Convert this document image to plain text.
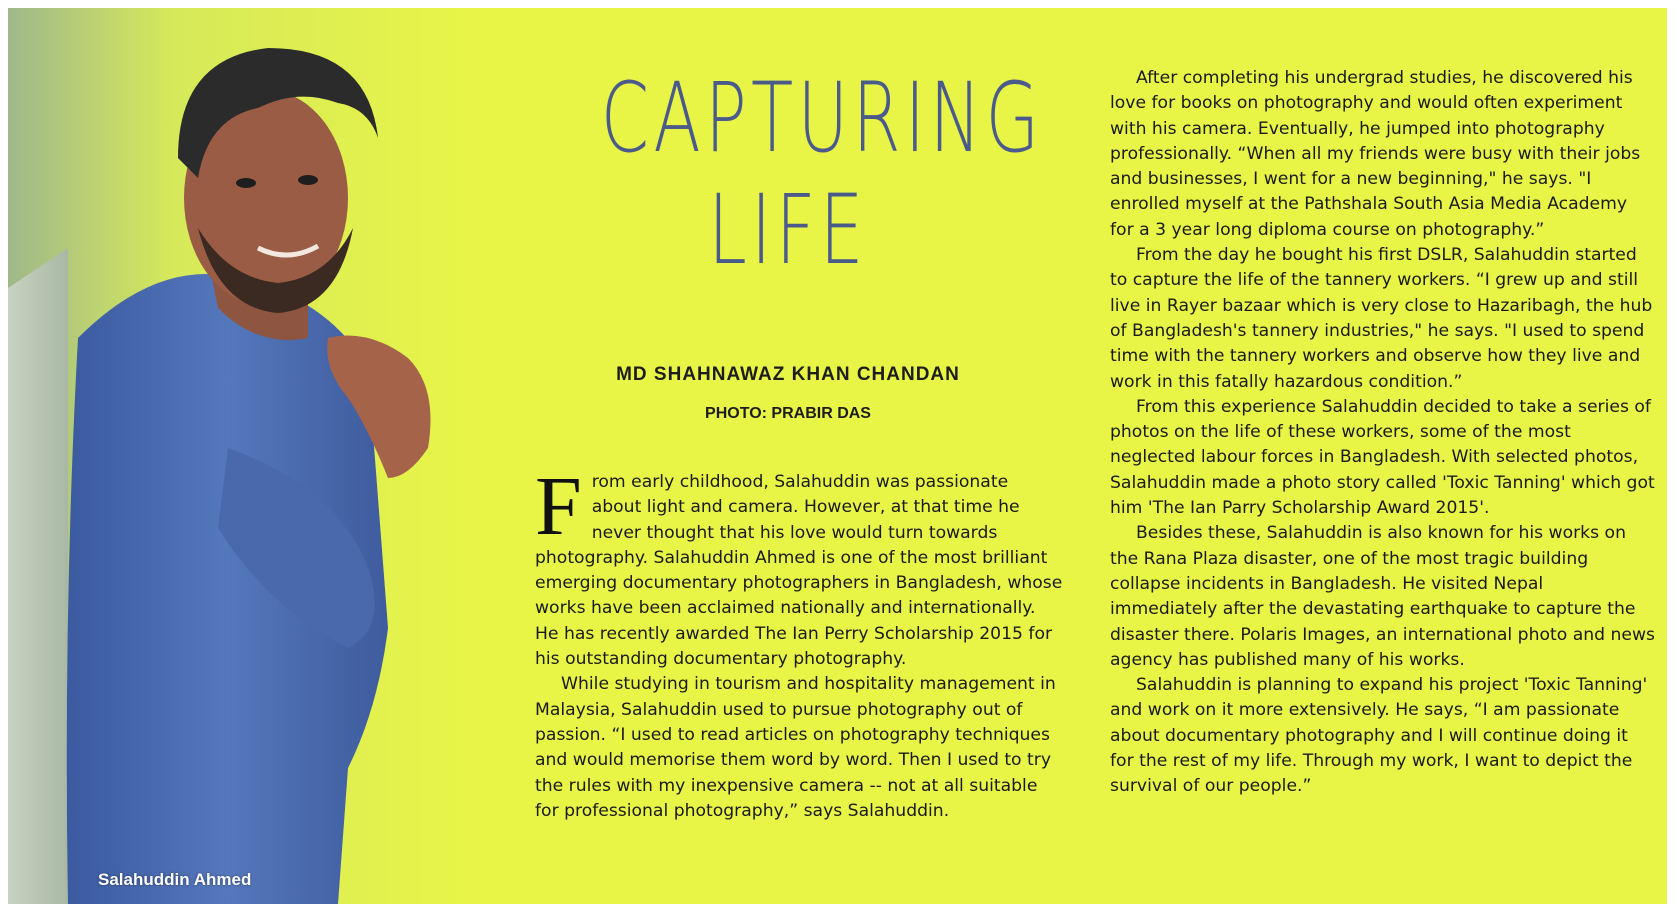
Salahuddin Ahmed
CAPTURING
LIFE
MD SHAHNAWAZ KHAN CHANDAN
PHOTO: PRABIR DAS

From early childhood, Salahuddin was passionate about light and camera. However, at that time he never thought that his love would turn towards photography. Salahuddin Ahmed is one of the most brilliant emerging documentary photographers in Bangladesh, whose works have been acclaimed nationally and internationally. He has recently awarded The Ian Perry Scholarship 2015 for his outstanding documentary photography.

While studying in tourism and hospitality management in Malaysia, Salahuddin used to pursue photography out of passion. “I used to read articles on photography techniques and would memorise them word by word. Then I used to try the rules with my inexpensive camera -- not at all suitable for professional photography,” says Salahuddin.

After completing his undergrad studies, he discovered his love for books on photography and would often experiment with his camera. Eventually, he jumped into photography professionally. “When all my friends were busy with their jobs and businesses, I went for a new beginning," he says. "I enrolled myself at the Pathshala South Asia Media Academy for a 3 year long diploma course on photography.”

From the day he bought his first DSLR, Salahuddin started to capture the life of the tannery workers. “I grew up and still live in Rayer bazaar which is very close to Hazaribagh, the hub of Bangladesh's tannery industries," he says. "I used to spend time with the tannery workers and observe how they live and work in this fatally hazardous condition.”

From this experience Salahuddin decided to take a series of photos on the life of these workers, some of the most neglected labour forces in Bangladesh. With selected photos, Salahuddin made a photo story called 'Toxic Tanning' which got him 'The Ian Parry Scholarship Award 2015'.

Besides these, Salahuddin is also known for his works on the Rana Plaza disaster, one of the most tragic building collapse incidents in Bangladesh. He visited Nepal immediately after the devastating earthquake to capture the disaster there. Polaris Images, an international photo and news agency has published many of his works.

Salahuddin is planning to expand his project 'Toxic Tanning' and work on it more extensively. He says, “I am passionate about documentary photography and I will continue doing it for the rest of my life. Through my work, I want to depict the survival of our people.”
